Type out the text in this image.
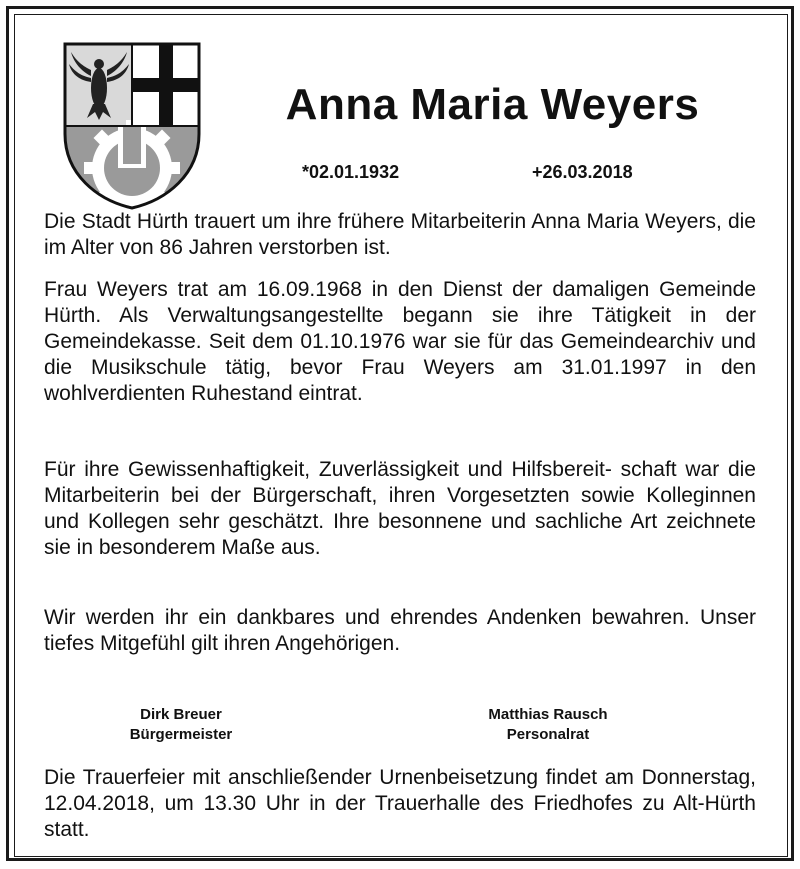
Anna Maria Weyers
*02.01.1932	+26.03.2018

Die Stadt Hürth trauert um ihre frühere Mitarbeiterin Anna Maria Weyers, die im Alter von 86 Jahren verstorben ist.

Frau Weyers trat am 16.09.1968 in den Dienst der damaligen Gemeinde Hürth. Als Verwaltungsangestellte begann sie ihre Tätigkeit in der Gemeindekasse. Seit dem 01.10.1976 war sie für das Gemeindearchiv und die Musikschule tätig, bevor Frau Weyers am 31.01.1997 in den wohlverdienten Ruhestand eintrat.

Für ihre Gewissenhaftigkeit, Zuverlässigkeit und Hilfsbereit- schaft war die Mitarbeiterin bei der Bürgerschaft, ihren Vorgesetzten sowie Kolleginnen und Kollegen sehr geschätzt. Ihre besonnene und sachliche Art zeichnete sie in besonderem Maße aus.

Wir werden ihr ein dankbares und ehrendes Andenken bewahren. Unser tiefes Mitgefühl gilt ihren Angehörigen.

Dirk Breuer
Bürgermeister
Matthias Rausch
Personalrat

Die Trauerfeier mit anschließender Urnenbeisetzung findet am Donnerstag, 12.04.2018, um 13.30 Uhr in der Trauerhalle des Friedhofes zu Alt-Hürth statt.
